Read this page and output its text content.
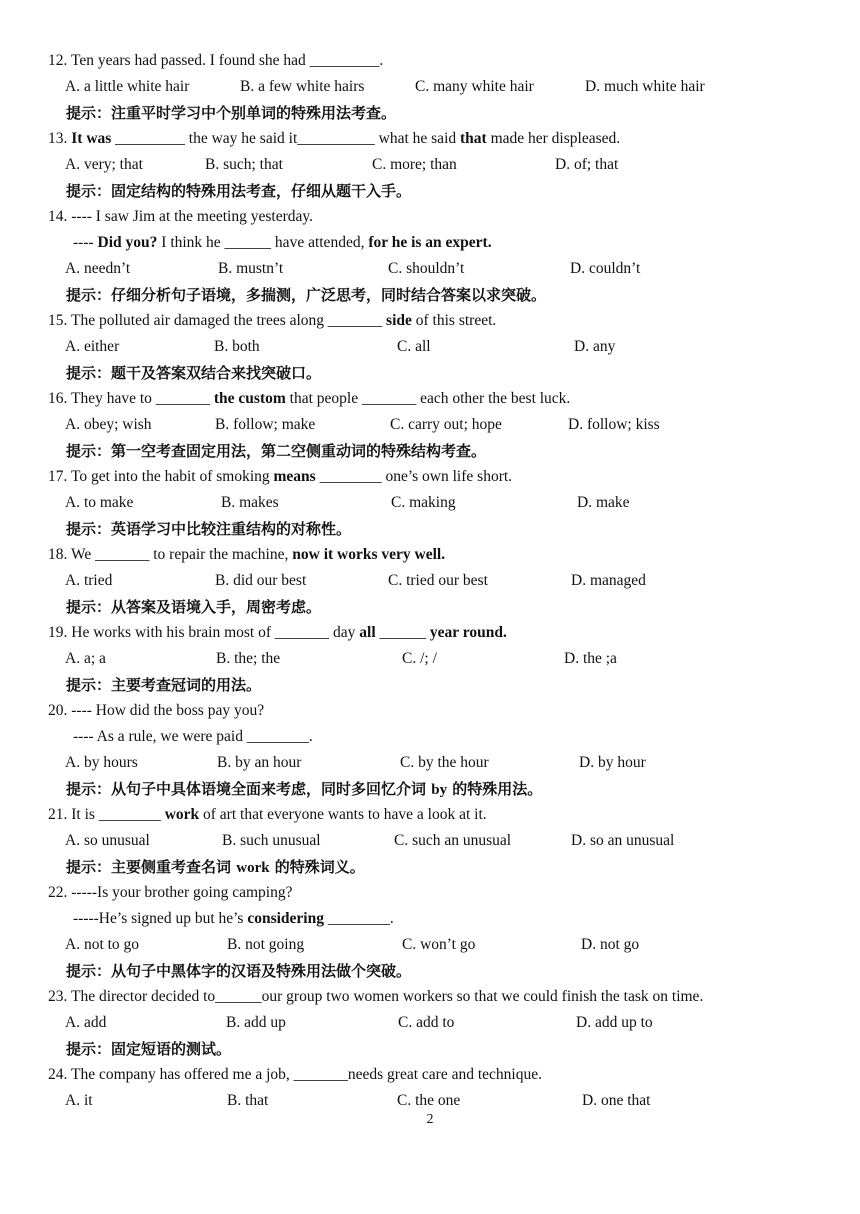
12. Ten years had passed. I found she had _________.
A. a little white hair	B. a few white hairs	C. many white hair	D. much white hair
提示：注重平时学习中个别单词的特殊用法考查。
13. It was _________ the way he said it__________ what he said that made her displeased.
A. very; that	B. such; that	C. more; than	D. of; that
提示：固定结构的特殊用法考查，仔细从题干入手。
14. ---- I saw Jim at the meeting yesterday.
---- Did you? I think he ______ have attended, for he is an expert.
A. needn’t	B. mustn’t	C. shouldn’t	D. couldn’t
提示：仔细分析句子语境，多揣测，广泛思考，同时结合答案以求突破。
15. The polluted air damaged the trees along _______ side of this street.
A. either	B. both	C. all	D. any
提示：题干及答案双结合来找突破口。
16. They have to _______ the custom that people _______ each other the best luck.
A. obey; wish	B. follow; make	C. carry out; hope	D. follow; kiss
提示：第一空考查固定用法，第二空侧重动词的特殊结构考查。
17. To get into the habit of smoking means ________ one’s own life short.
A. to make	B. makes	C. making	D. make
提示：英语学习中比较注重结构的对称性。
18. We _______ to repair the machine, now it works very well.
A. tried	B. did our best	C. tried our best	D. managed
提示：从答案及语境入手，周密考虑。
19. He works with his brain most of _______ day all ______ year round.
A. a; a	B. the; the	C. /; /	D. the ;a
提示：主要考查冠词的用法。
20. ---- How did the boss pay you?
---- As a rule, we were paid ________.
A. by hours	B. by an hour	C. by the hour	D. by hour
提示：从句子中具体语境全面来考虑，同时多回忆介词 by 的特殊用法。
21. It is ________ work of art that everyone wants to have a look at it.
A. so unusual	B. such unusual	C. such an unusual	D. so an unusual
提示：主要侧重考查名词 work 的特殊词义。
22. -----Is your brother going camping?
-----He’s signed up but he’s considering ________.
A. not to go	B. not going	C. won’t go	D. not go
提示：从句子中黑体字的汉语及特殊用法做个突破。
23. The director decided to______our group two women workers so that we could finish the task on time.
A. add	B. add up	C. add to	D. add up to
提示：固定短语的测试。
24. The company has offered me a job, _______needs great care and technique.
A. it	B. that	C. the one	D. one that
2
